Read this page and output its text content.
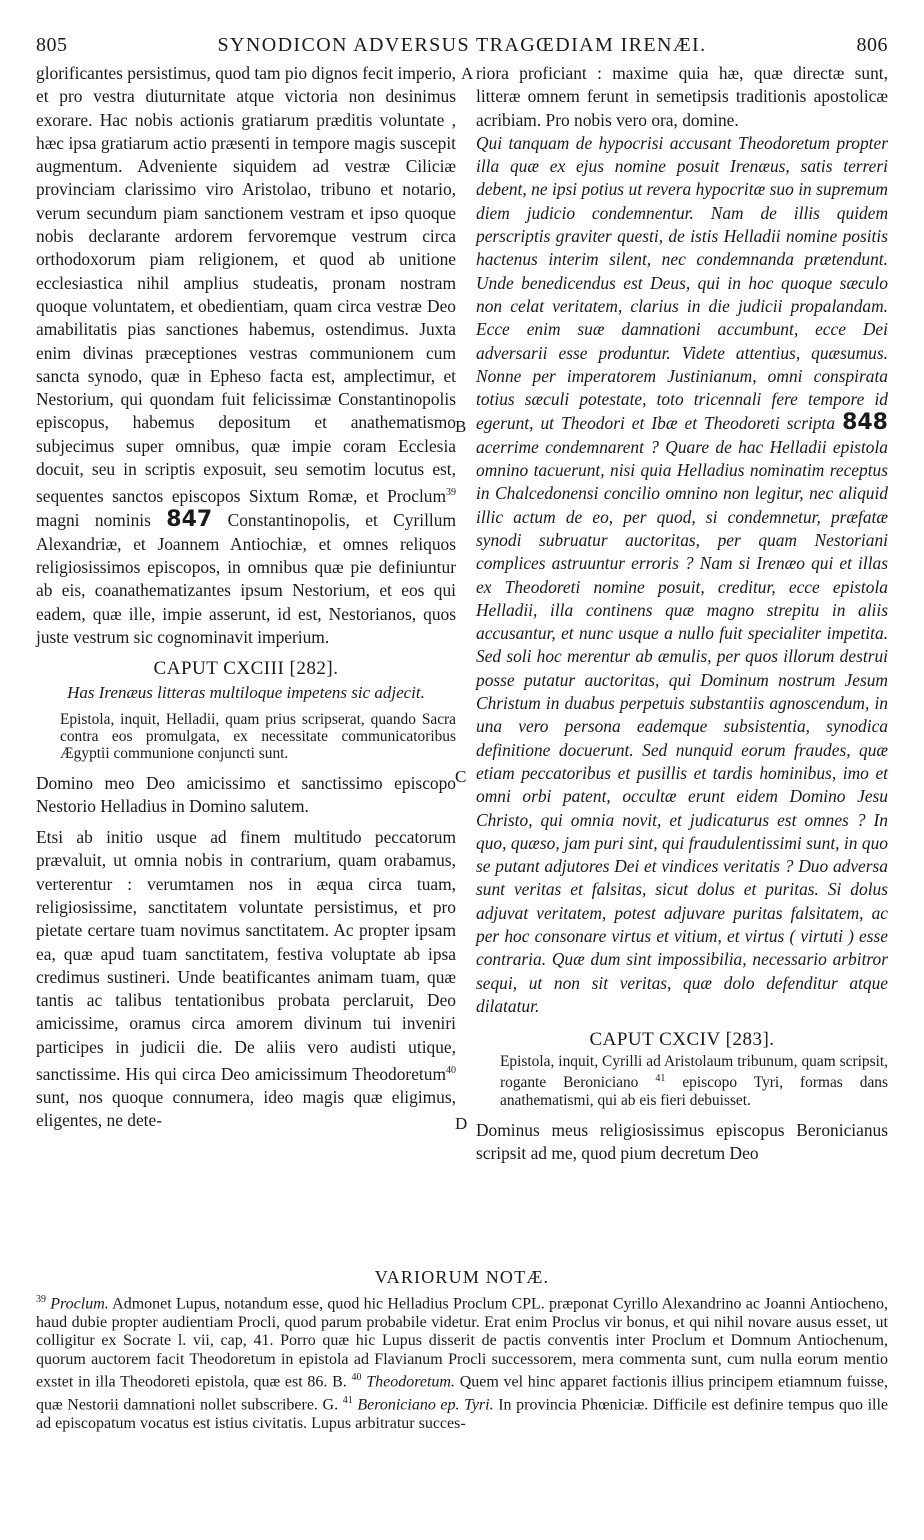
805	SYNODICON ADVERSUS TRAGŒDIAM IRENÆI.	806
A
B
C
D

glorificantes persistimus, quod tam pio dignos fecit imperio, et pro vestra diuturnitate atque victoria non desinimus exorare. Hac nobis actionis gratiarum præditis voluntate , hæc ipsa gratiarum actio præsenti in tempore magis suscepit augmentum. Adveniente siquidem ad vestræ Ciliciæ provinciam clarissimo viro Aristolao, tribuno et notario, verum secundum piam sanctionem vestram et ipso quoque nobis declarante ardorem fervoremque vestrum circa orthodoxorum piam religionem, et quod ab unitione ecclesiastica nihil amplius studeatis, pronam nostram quoque voluntatem, et obedientiam, quam circa vestræ Deo amabilitatis pias sanctiones habemus, ostendimus. Juxta enim divinas præceptiones vestras communionem cum sancta synodo, quæ in Epheso facta est, amplectimur, et Nestorium, qui quondam fuit felicissimæ Constantinopolis episcopus, habemus depositum et anathematismo subjecimus super omnibus, quæ impie coram Ecclesia docuit, seu in scriptis exposuit, seu semotim locutus est, sequentes sanctos episcopos Sixtum Romæ, et Proclum$^{39}$ magni nominis 847 Constantinopolis, et Cyrillum Alexandriæ, et Joannem Antiochiæ, et omnes reliquos religiosissimos episcopos, in omnibus quæ pie definiuntur ab eis, coanathematizantes ipsum Nestorium, et eos qui eadem, quæ ille, impie asserunt, id est, Nestorianos, quos juste vestrum sic cognominavit imperium.

CAPUT CXCIII [282].
Has Irenæus litteras multiloque impetens sic adjecit.

Epistola, inquit, Helladii, quam prius scripserat, quando Sacra contra eos promulgata, ex necessitate communicatoribus Ægyptii communione conjuncti sunt.

Domino meo Deo amicissimo et sanctissimo episcopo Nestorio Helladius in Domino salutem.

Etsi ab initio usque ad finem multitudo peccatorum prævaluit, ut omnia nobis in contrarium, quam orabamus, verterentur : verumtamen nos in æqua circa tuam, religiosissime, sanctitatem voluntate persistimus, et pro pietate certare tuam novimus sanctitatem. Ac propter ipsam ea, quæ apud tuam sanctitatem, festiva voluptate ab ipsa credimus sustineri. Unde beatificantes animam tuam, quæ tantis ac talibus tentationibus probata perclaruit, Deo amicissime, oramus circa amorem divinum tui inveniri participes in judicii die. De aliis vero audisti utique, sanctissime. His qui circa Deo amicissimum Theodoretum$^{40}$ sunt, nos quoque connumera, ideo magis quæ eligimus, eligentes, ne dete-

riora proficiant : maxime quia hæ, quæ directæ sunt, litteræ omnem ferunt in semetipsis traditionis apostolicæ acribiam. Pro nobis vero ora, domine.

Qui tanquam de hypocrisi accusant Theodoretum propter illa quæ ex ejus nomine posuit Irenæus, satis terreri debent, ne ipsi potius ut revera hypocritæ suo in supremum diem judicio condemnentur. Nam de illis quidem perscriptis graviter questi, de istis Helladii nomine positis hactenus interim silent, nec condemnanda prætendunt. Unde benedicendus est Deus, qui in hoc quoque sæculo non celat veritatem, clarius in die judicii propalandam. Ecce enim suæ damnationi accumbunt, ecce Dei adversarii esse produntur. Videte attentius, quæsumus. Nonne per imperatorem Justinianum, omni conspirata totius sæculi potestate, toto tricennali fere tempore id egerunt, ut Theodori et Ibæ et Theodoreti scripta 848 acerrime condemnarent ? Quare de hac Helladii epistola omnino tacuerunt, nisi quia Helladius nominatim receptus in Chalcedonensi concilio omnino non legitur, nec aliquid illic actum de eo, per quod, si condemnetur, præfatæ synodi subruatur auctoritas, per quam Nestoriani complices astruuntur erroris ? Nam si Irenæo qui et illas ex Theodoreti nomine posuit, creditur, ecce epistola Helladii, illa continens quæ magno strepitu in aliis accusantur, et nunc usque a nullo fuit specialiter impetita. Sed soli hoc merentur ab æmulis, per quos illorum destrui posse putatur auctoritas, qui Dominum nostrum Jesum Christum in duabus perpetuis substantiis agnoscendum, in una vero persona eademque subsistentia, synodica definitione docuerunt. Sed nunquid eorum fraudes, quæ etiam peccatoribus et pusillis et tardis hominibus, imo et omni orbi patent, occultæ erunt eidem Domino Jesu Christo, qui omnia novit, et judicaturus est omnes ? In quo, quæso, jam puri sint, qui fraudulentissimi sunt, in quo se putant adjutores Dei et vindices veritatis ? Duo adversa sunt veritas et falsitas, sicut dolus et puritas. Si dolus adjuvat veritatem, potest adjuvare puritas falsitatem, ac per hoc consonare virtus et vitium, et virtus ( virtuti ) esse contraria. Quæ dum sint impossibilia, necessario arbitror sequi, ut non sit veritas, quæ dolo defenditur atque dilatatur.

CAPUT CXCIV [283].

Epistola, inquit, Cyrilli ad Aristolaum tribunum, quam scripsit, rogante Beroniciano $^{41}$ episcopo Tyri, formas dans anathematismi, qui ab eis fieri debuisset.

Dominus meus religiosissimus episcopus Beronicianus scripsit ad me, quod pium decretum Deo

VARIORUM NOTÆ.

$^{39}$ Proclum. Admonet Lupus, notandum esse, quod hic Helladius Proclum CPL. præponat Cyrillo Alexandrino ac Joanni Antiocheno, haud dubie propter audientiam Procli, quod parum probabile videtur. Erat enim Proclus vir bonus, et qui nihil novare ausus esset, ut colligitur ex Socrate l. vii, cap, 41. Porro quæ hic Lupus disserit de pactis conventis inter Proclum et Domnum Antiochenum, quorum auctorem facit Theodoretum in epistola ad Flavianum Procli successorem, mera commenta sunt, cum nulla eorum mentio exstet in illa Theodoreti epistola, quæ est 86. B. $^{40}$ Theodoretum. Quem vel hinc apparet factionis illius principem etiamnum fuisse, quæ Nestorii damnationi nollet subscribere. G. $^{41}$ Beroniciano ep. Tyri. In provincia Phœniciæ. Difficile est definire tempus quo ille ad episcopatum vocatus est istius civitatis. Lupus arbitratur succes-
